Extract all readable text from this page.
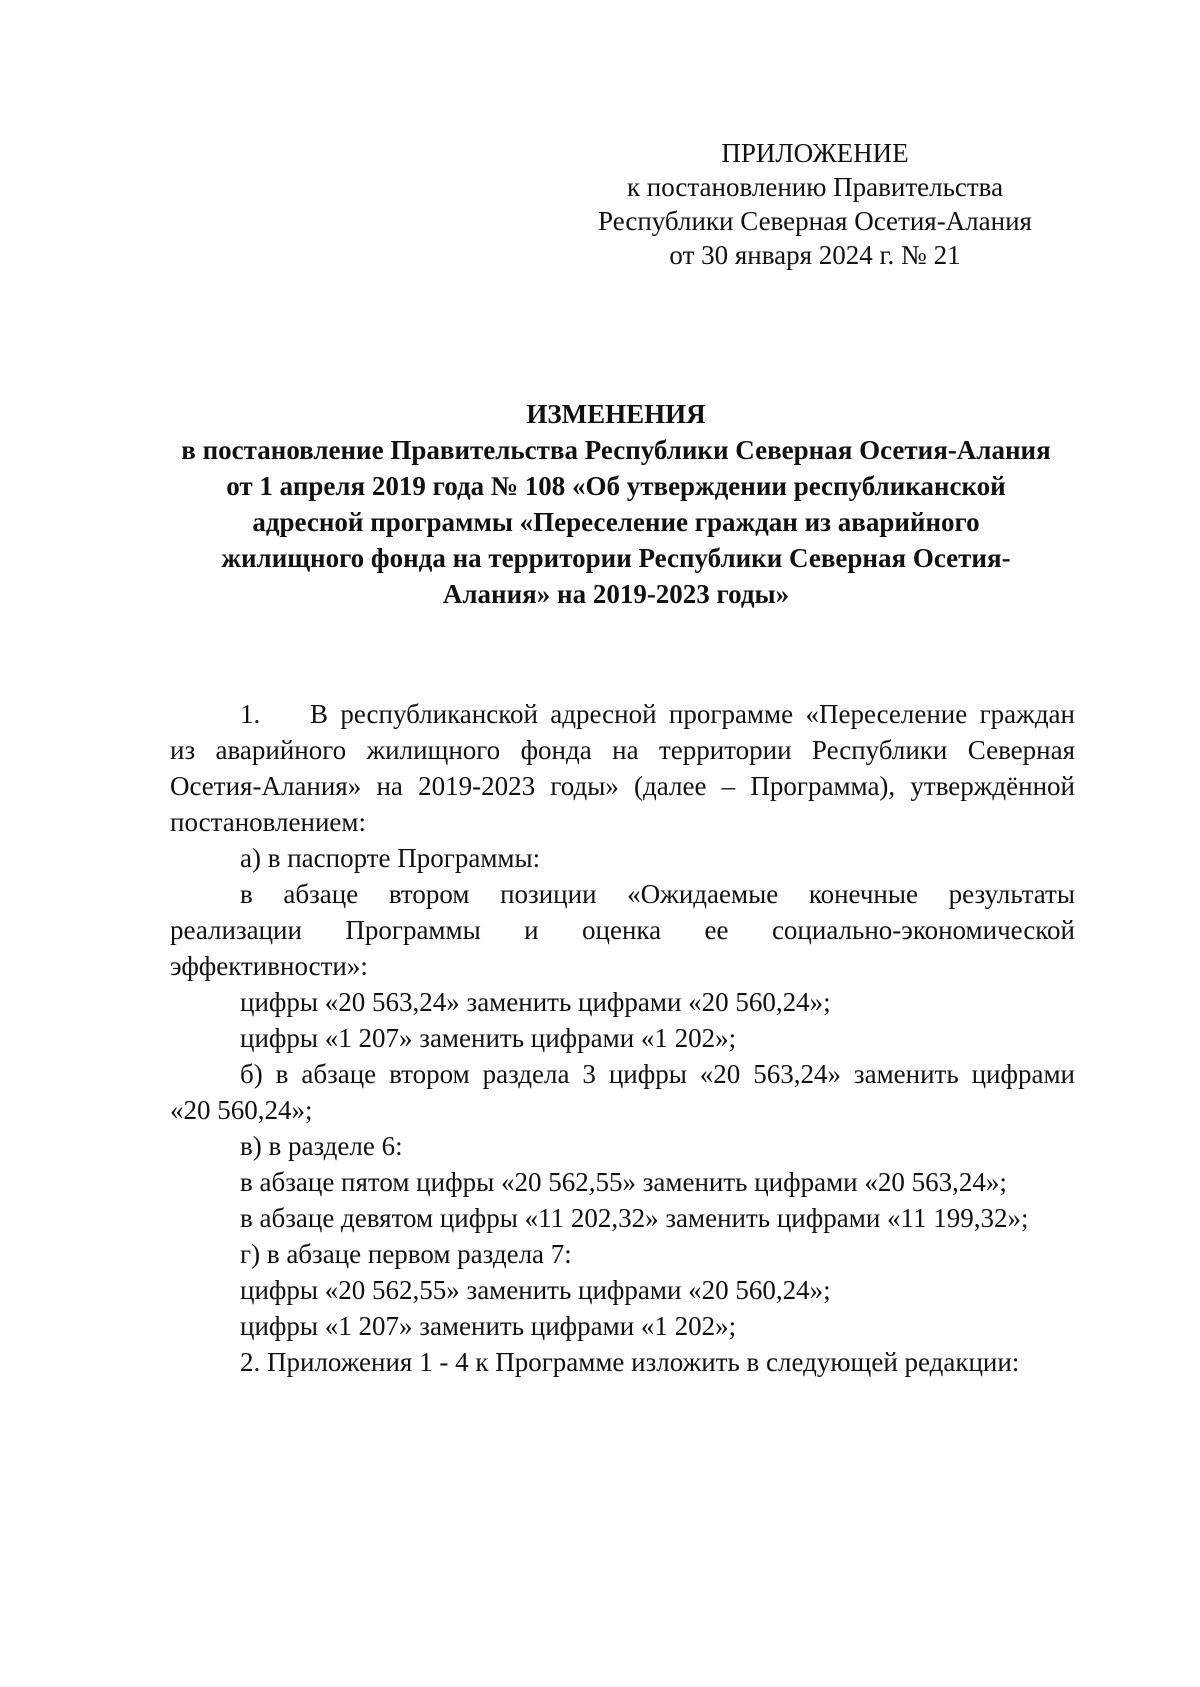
ПРИЛОЖЕНИЕ
к постановлению Правительства
Республики Северная Осетия-Алания
от 30 января 2024 г. № 21
ИЗМЕНЕНИЯ
в постановление Правительства Республики Северная Осетия-Алания
от 1 апреля 2019 года № 108 «Об утверждении республиканской
адресной программы «Переселение граждан из аварийного
жилищного фонда на территории Республики Северная Осетия-
Алания» на 2019-2023 годы»
1. В республиканской адресной программе «Переселение граждан
из аварийного жилищного фонда на территории Республики Северная
Осетия-Алания» на 2019-2023 годы» (далее – Программа), утверждённой
постановлением:
а) в паспорте Программы:
в абзаце втором позиции «Ожидаемые конечные результаты
реализации Программы и оценка ее социально-экономической
эффективности»:
цифры «20 563,24» заменить цифрами «20 560,24»;
цифры «1 207» заменить цифрами «1 202»;
б) в абзаце втором раздела 3 цифры «20 563,24» заменить цифрами
«20 560,24»;
в) в разделе 6:
в абзаце пятом цифры «20 562,55» заменить цифрами «20 563,24»;
в абзаце девятом цифры «11 202,32» заменить цифрами «11 199,32»;
г) в абзаце первом раздела 7:
цифры «20 562,55» заменить цифрами «20 560,24»;
цифры «1 207» заменить цифрами «1 202»;
2. Приложения 1 - 4 к Программе изложить в следующей редакции:
